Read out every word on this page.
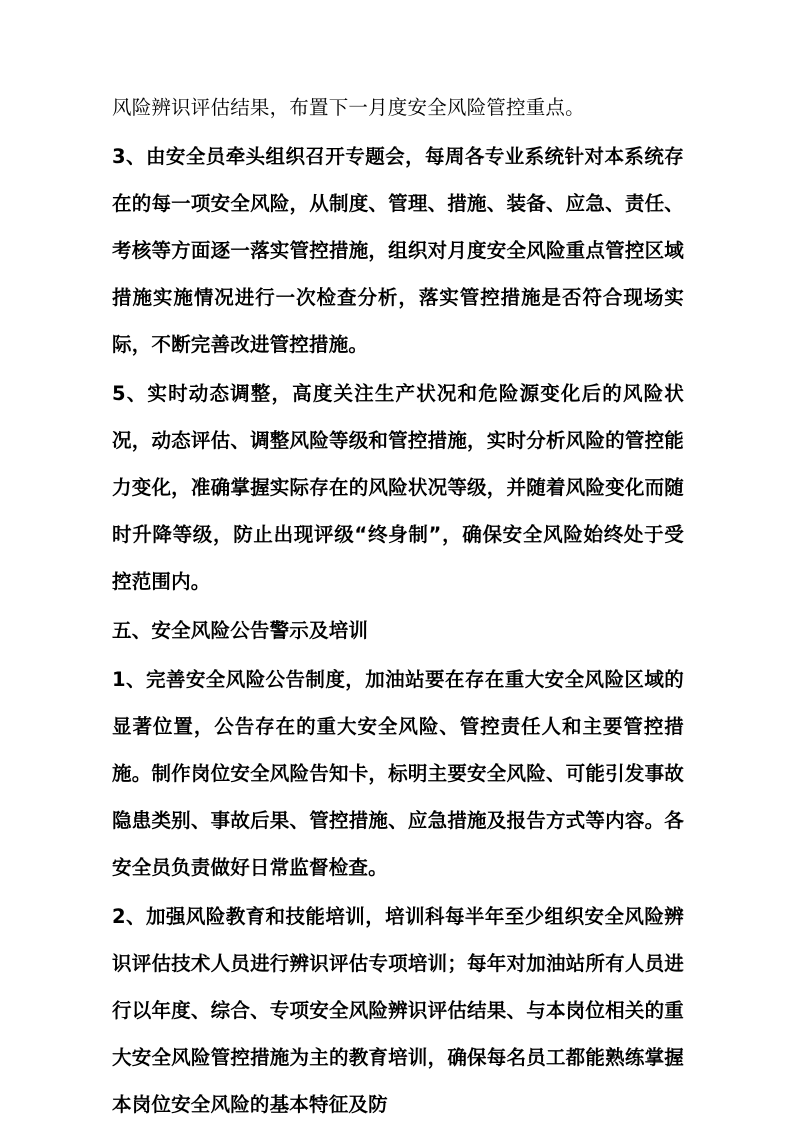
风险辨识评估结果，布置下一月度安全风险管控重点。

3、由安全员牵头组织召开专题会，每周各专业系统针对本系统存在的每一项安全风险，从制度、管理、措施、装备、应急、责任、考核等方面逐一落实管控措施，组织对月度安全风险重点管控区域措施实施情况进行一次检查分析，落实管控措施是否符合现场实际，不断完善改进管控措施。

5、实时动态调整，高度关注生产状况和危险源变化后的风险状况，动态评估、调整风险等级和管控措施，实时分析风险的管控能力变化，准确掌握实际存在的风险状况等级，并随着风险变化而随时升降等级，防止出现评级“终身制”，确保安全风险始终处于受控范围内。

五、安全风险公告警示及培训

1、完善安全风险公告制度，加油站要在存在重大安全风险区域的显著位置，公告存在的重大安全风险、管控责任人和主要管控措施。制作岗位安全风险告知卡，标明主要安全风险、可能引发事故隐患类别、事故后果、管控措施、应急措施及报告方式等内容。各安全员负责做好日常监督检查。

2、加强风险教育和技能培训，培训科每半年至少组织安全风险辨识评估技术人员进行辨识评估专项培训；每年对加油站所有人员进行以年度、综合、专项安全风险辨识评估结果、与本岗位相关的重大安全风险管控措施为主的教育培训，确保每名员工都能熟练掌握本岗位安全风险的基本特征及防
